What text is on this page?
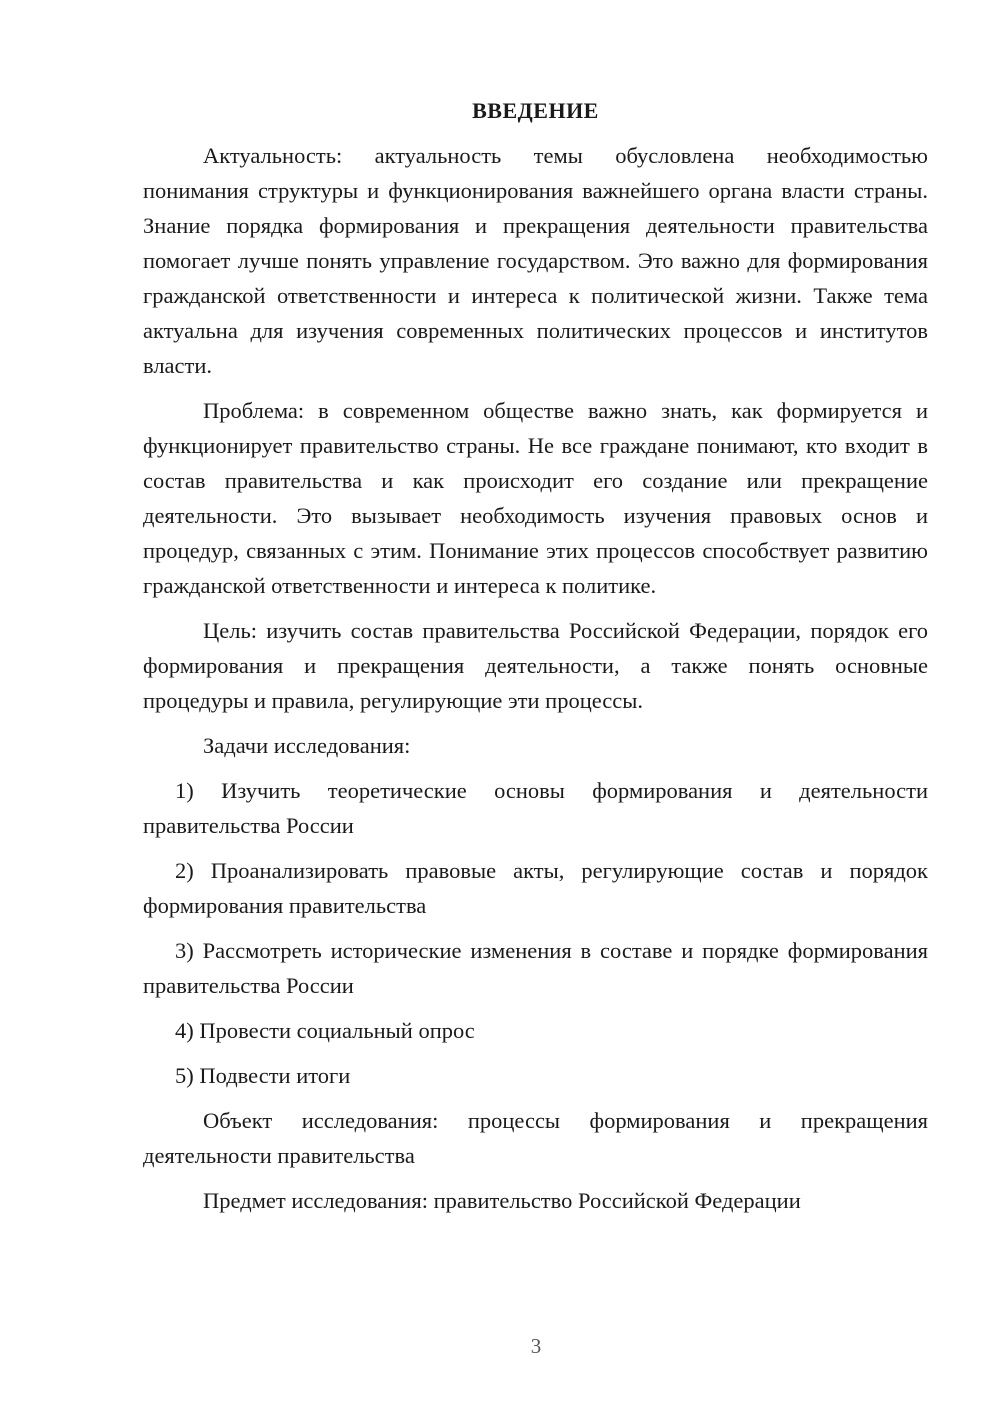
ВВЕДЕНИЕ

Актуальность: актуальность темы обусловлена необходимостью понимания структуры и функционирования важнейшего органа власти страны. Знание порядка формирования и прекращения деятельности правительства помогает лучше понять управление государством. Это важно для формирования гражданской ответственности и интереса к политической жизни. Также тема актуальна для изучения современных политических процессов и институтов власти.

Проблема: в современном обществе важно знать, как формируется и функционирует правительство страны. Не все граждане понимают, кто входит в состав правительства и как происходит его создание или прекращение деятельности. Это вызывает необходимость изучения правовых основ и процедур, связанных с этим. Понимание этих процессов способствует развитию гражданской ответственности и интереса к политике.

Цель: изучить состав правительства Российской Федерации, порядок его формирования и прекращения деятельности, а также понять основные процедуры и правила, регулирующие эти процессы.

Задачи исследования:

1) Изучить теоретические основы формирования и деятельности правительства России

2) Проанализировать правовые акты, регулирующие состав и порядок формирования правительства

3) Рассмотреть исторические изменения в составе и порядке формирования правительства России

4) Провести социальный опрос

5) Подвести итоги

Объект исследования: процессы формирования и прекращения деятельности правительства

Предмет исследования: правительство Российской Федерации

3
